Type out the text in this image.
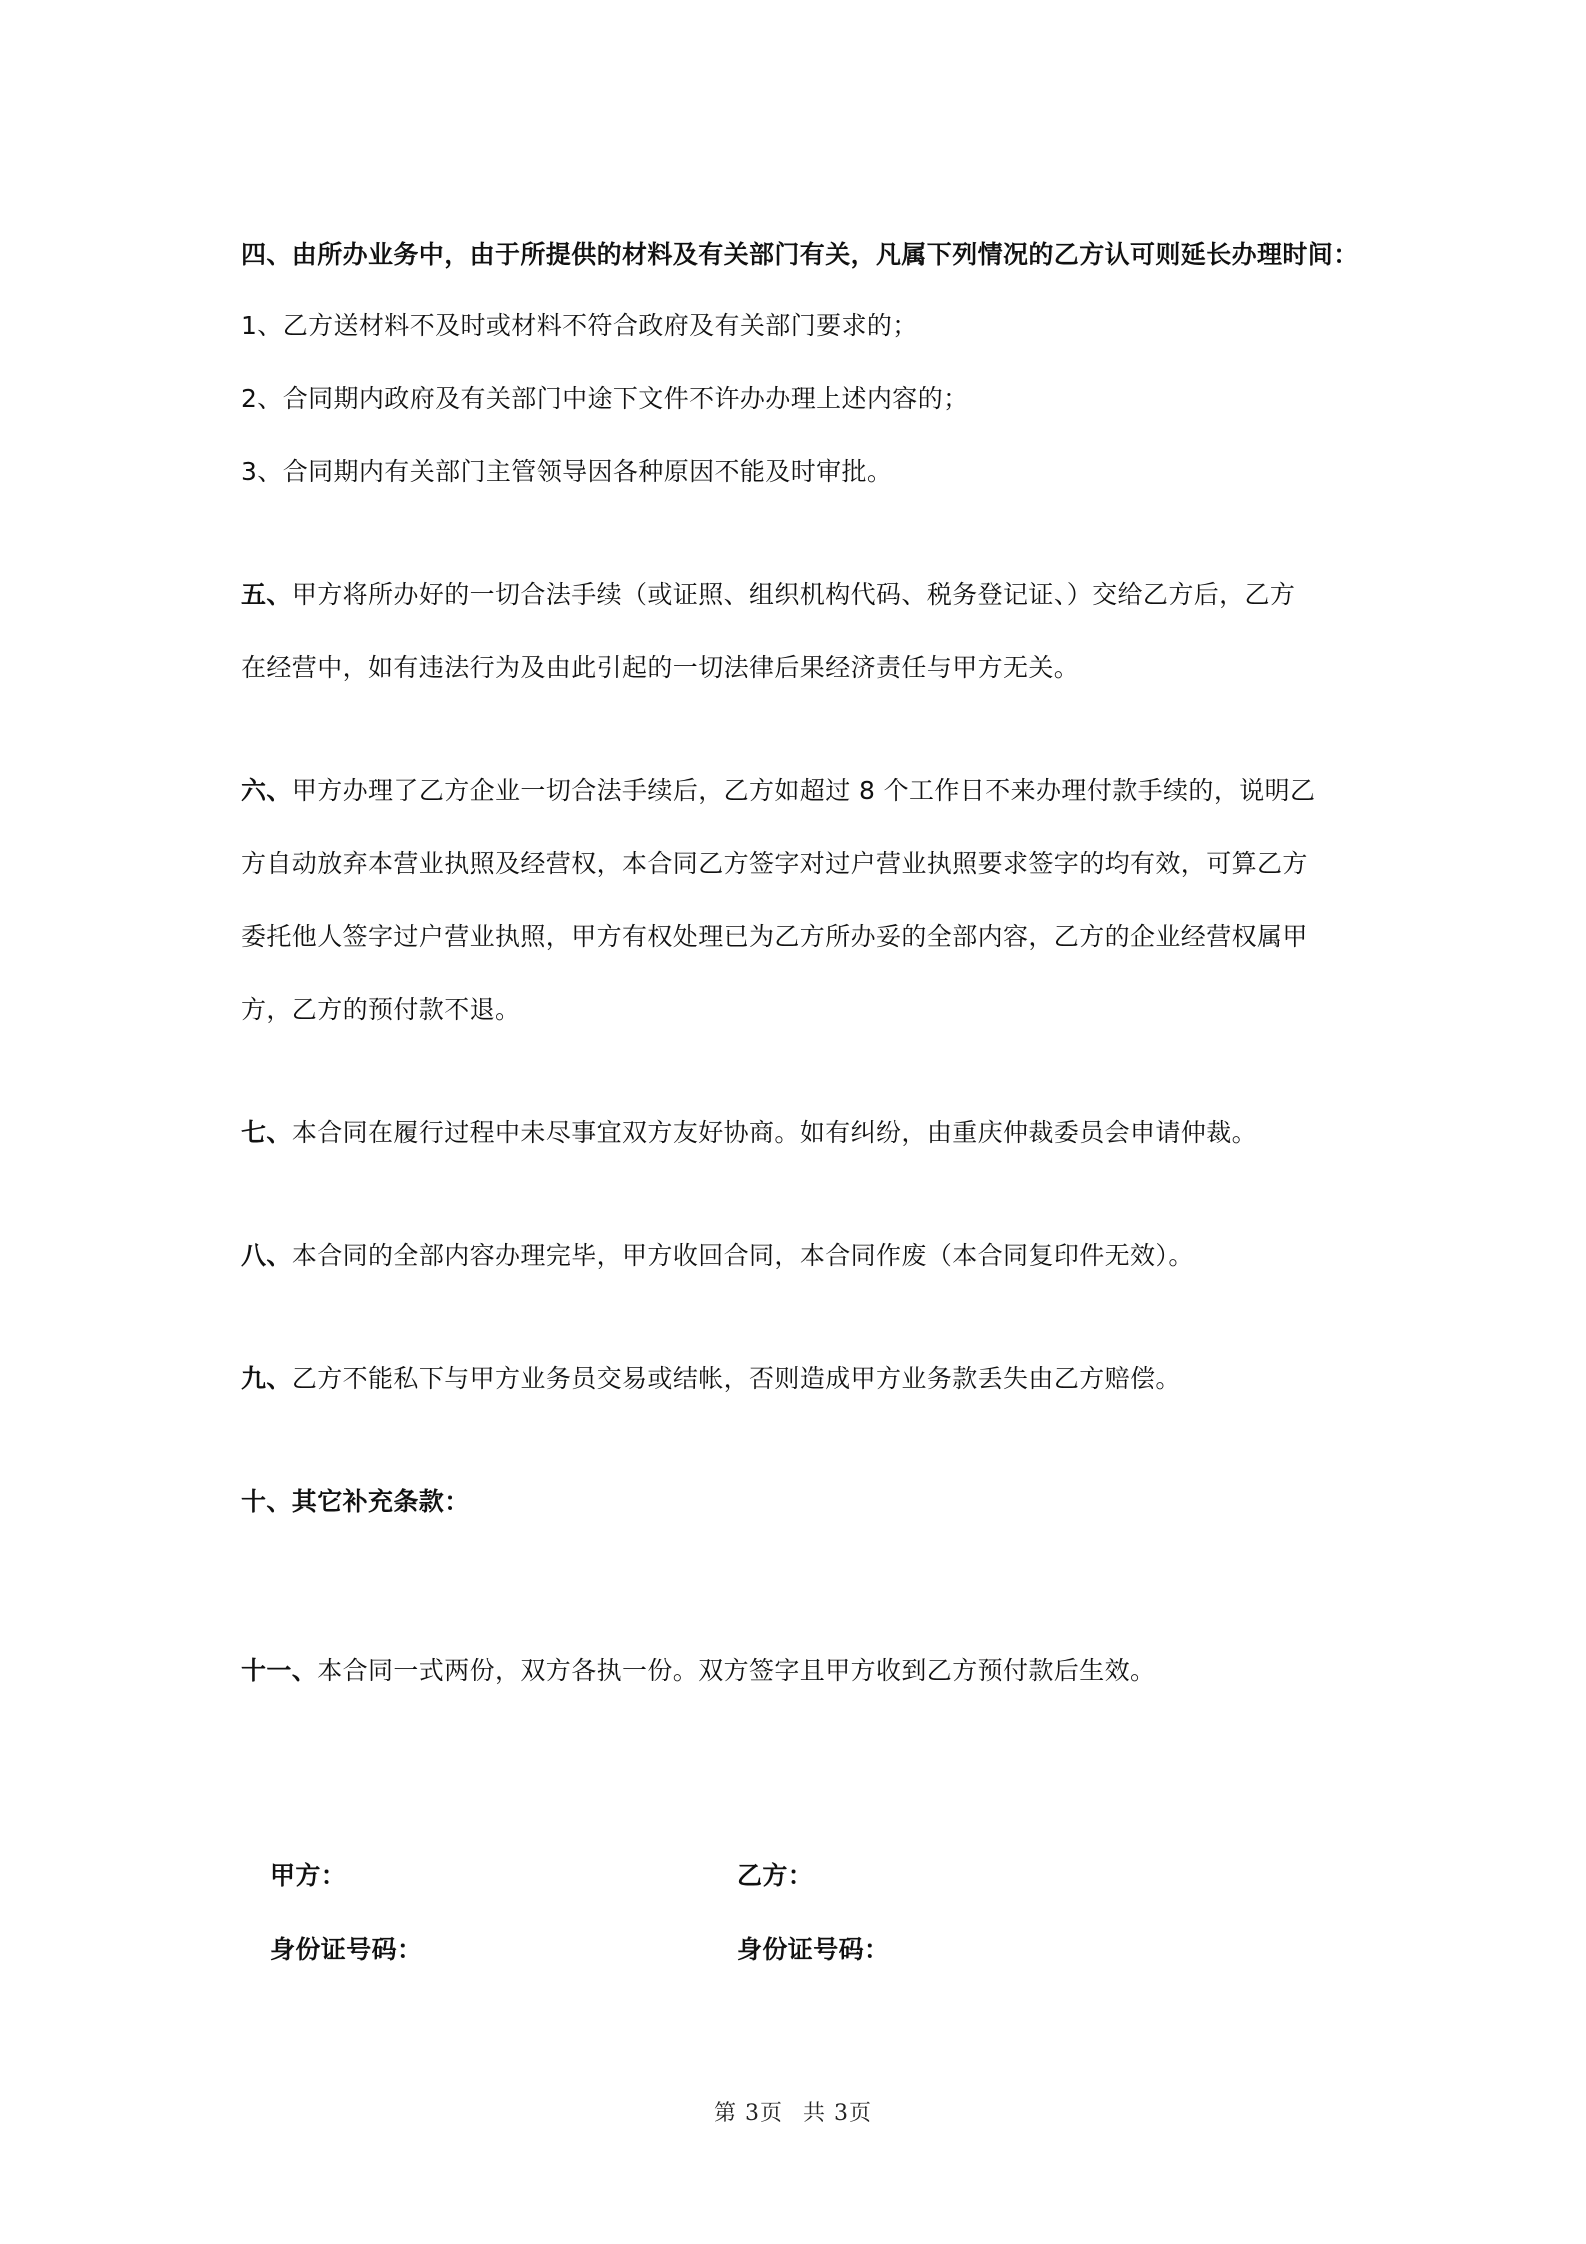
四、由所办业务中，由于所提供的材料及有关部门有关，凡属下列情况的乙方认可则延长办理时间：

1、乙方送材料不及时或材料不符合政府及有关部门要求的；

2、合同期内政府及有关部门中途下文件不许办办理上述内容的；

3、合同期内有关部门主管领导因各种原因不能及时审批。

五、甲方将所办好的一切合法手续（或证照、组织机构代码、税务登记证、）交给乙方后，乙方

在经营中，如有违法行为及由此引起的一切法律后果经济责任与甲方无关。

六、甲方办理了乙方企业一切合法手续后，乙方如超过 8 个工作日不来办理付款手续的，说明乙

方自动放弃本营业执照及经营权，本合同乙方签字对过户营业执照要求签字的均有效，可算乙方

委托他人签字过户营业执照，甲方有权处理已为乙方所办妥的全部内容，乙方的企业经营权属甲

方，乙方的预付款不退。

七、本合同在履行过程中未尽事宜双方友好协商。如有纠纷，由重庆仲裁委员会申请仲裁。

八、本合同的全部内容办理完毕，甲方收回合同，本合同作废（本合同复印件无效）。

九、乙方不能私下与甲方业务员交易或结帐，否则造成甲方业务款丢失由乙方赔偿。

十、其它补充条款：

十一、本合同一式两份，双方各执一份。双方签字且甲方收到乙方预付款后生效。

甲方：	乙方：
身份证号码：	身份证号码：
第 3页 共 3页
